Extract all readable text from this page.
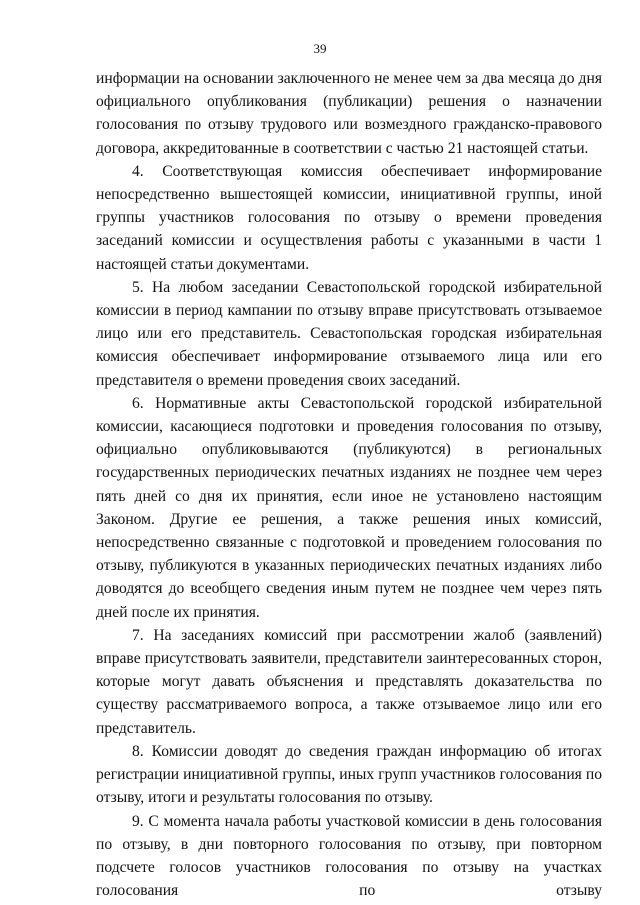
39

информации на основании заключенного не менее чем за два месяца до дня официального опубликования (публикации) решения о назначении голосования по отзыву трудового или возмездного гражданско-правового договора, аккредитованные в соответствии с частью 21 настоящей статьи.

4. Соответствующая комиссия обеспечивает информирование непосредственно вышестоящей комиссии, инициативной группы, иной группы участников голосования по отзыву о времени проведения заседаний комиссии и осуществления работы с указанными в части 1 настоящей статьи документами.

5. На любом заседании Севастопольской городской избирательной комиссии в период кампании по отзыву вправе присутствовать отзываемое лицо или его представитель. Севастопольская городская избирательная комиссия обеспечивает информирование отзываемого лица или его представителя о времени проведения своих заседаний.

6. Нормативные акты Севастопольской городской избирательной комиссии, касающиеся подготовки и проведения голосования по отзыву, официально опубликовываются (публикуются) в региональных государственных периодических печатных изданиях не позднее чем через пять дней со дня их принятия, если иное не установлено настоящим Законом. Другие ее решения, а также решения иных комиссий, непосредственно связанные с подготовкой и проведением голосования по отзыву, публикуются в указанных периодических печатных изданиях либо доводятся до всеобщего сведения иным путем не позднее чем через пять дней после их принятия.

7. На заседаниях комиссий при рассмотрении жалоб (заявлений) вправе присутствовать заявители, представители заинтересованных сторон, которые могут давать объяснения и представлять доказательства по существу рассматриваемого вопроса, а также отзываемое лицо или его представитель.

8. Комиссии доводят до сведения граждан информацию об итогах регистрации инициативной группы, иных групп участников голосования по отзыву, итоги и результаты голосования по отзыву.

9. С момента начала работы участковой комиссии в день голосования по отзыву, в дни повторного голосования по отзыву, при повторном подсчете голосов участников голосования по отзыву на участках голосования по отзыву
